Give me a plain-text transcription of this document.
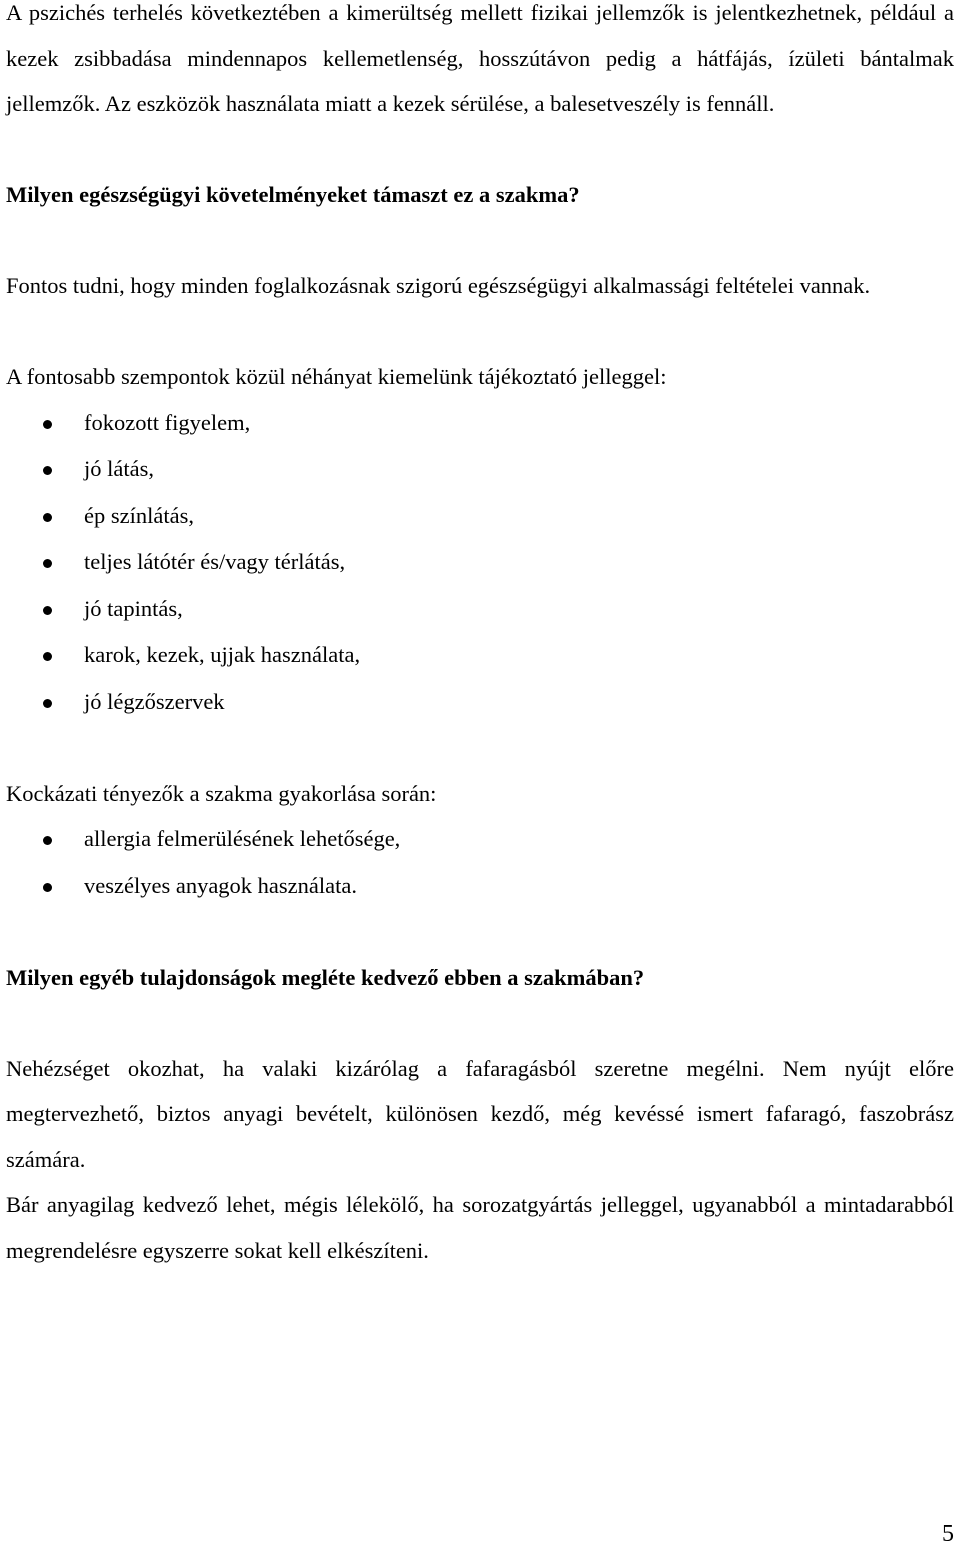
A pszichés terhelés következtében a kimerültség mellett fizikai jellemzők is jelentkezhetnek, például a kezek zsibbadása mindennapos kellemetlenség, hosszútávon pedig a hátfájás, ízületi bántalmak jellemzők. Az eszközök használata miatt a kezek sérülése, a balesetveszély is fennáll.

Milyen egészségügyi követelményeket támaszt ez a szakma?

Fontos tudni, hogy minden foglalkozásnak szigorú egészségügyi alkalmassági feltételei vannak.

A fontosabb szempontok közül néhányat kiemelünk tájékoztató jelleggel:

fokozott figyelem,
jó látás,
ép színlátás,
teljes látótér és/vagy térlátás,
jó tapintás,
karok, kezek, ujjak használata,
jó légzőszervek

Kockázati tényezők a szakma gyakorlása során:

allergia felmerülésének lehetősége,
veszélyes anyagok használata.

Milyen egyéb tulajdonságok megléte kedvező ebben a szakmában?

Nehézséget okozhat, ha valaki kizárólag a fafaragásból szeretne megélni. Nem nyújt előre megtervezhető, biztos anyagi bevételt, különösen kezdő, még kevéssé ismert fafaragó, faszobrász számára.

Bár anyagilag kedvező lehet, mégis lélekölő, ha sorozatgyártás jelleggel, ugyanabból a mintadarabból megrendelésre egyszerre sokat kell elkészíteni.

5
